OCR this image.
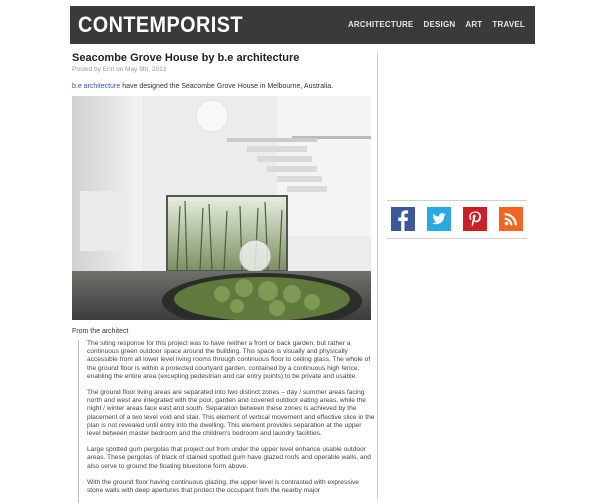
CONTEMPORIST	ARCHITECTURE DESIGN ART TRAVEL
Seacombe Grove House by b.e architecture
Posted by Erin on May 9th, 2013
b.e architecture have designed the Seacombe Grove House in Melbourne, Australia.
From the architect

The siting response for this project was to have neither a front or back garden, but rather a continuous green outdoor space around the building. This space is visually and physically accessible from all lower level living rooms through continuous floor to ceiling glass. The whole of the ground floor is within a protected courtyard garden, contained by a continuous high fence, enabling the entire area (excepting pedestrian and car entry points) to be private and usable.

The ground floor living areas are separated into two distinct zones – day / summer areas facing north and west are integrated with the pool, garden and covered outdoor eating areas, while the night / winter areas face east and south. Separation between these zones is achieved by the placement of a two level void and stair. This element of vertical movement and effective slice in the plan is not revealed until entry into the dwelling. This element provides separation at the upper level between master bedroom and the children's bedroom and laundry facilities.

Large spotted gum pergolas that project out from under the upper level enhance usable outdoor areas. These pergolas of black of stained spotted gum have glazed roofs and operable walls, and also serve to ground the floating bluestone form above.

With the ground floor having continuous glazing, the upper level is contrasted with expressive stone walls with deep apertures that protect the occupant from the nearby major
